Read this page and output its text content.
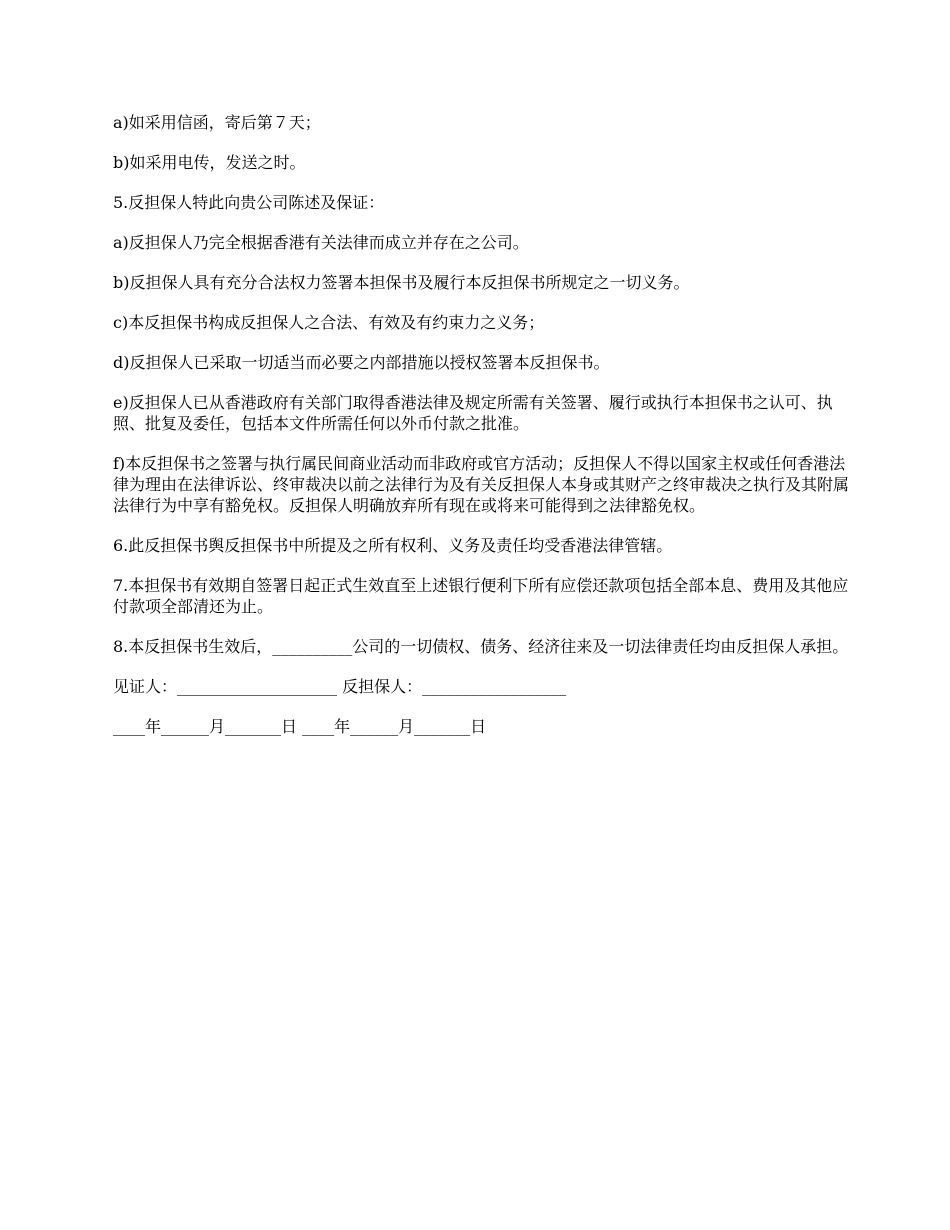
a)如采用信函，寄后第７天；

b)如采用电传，发送之时。

5.反担保人特此向贵公司陈述及保证：

a)反担保人乃完全根据香港有关法律而成立并存在之公司。

b)反担保人具有充分合法权力签署本担保书及履行本反担保书所规定之一切义务。

c)本反担保书构成反担保人之合法、有效及有约束力之义务；

d)反担保人已采取一切适当而必要之内部措施以授权签署本反担保书。

e)反担保人已从香港政府有关部门取得香港法律及规定所需有关签署、履行或执行本担保书之认可、执照、批复及委任，包括本文件所需任何以外币付款之批准。

f)本反担保书之签署与执行属民间商业活动而非政府或官方活动；反担保人不得以国家主权或任何香港法律为理由在法律诉讼、终审裁决以前之法律行为及有关反担保人本身或其财产之终审裁决之执行及其附属法律行为中享有豁免权。反担保人明确放弃所有现在或将来可能得到之法律豁免权。

6.此反担保书舆反担保书中所提及之所有权利、义务及责任均受香港法律管辖。

7.本担保书有效期自签署日起正式生效直至上述银行便利下所有应偿还款项包括全部本息、费用及其他应付款项全部清还为止。

8.本反担保书生效后，__________公司的一切债权、债务、经济往来及一切法律责任均由反担保人承担。

见证人：____________________ 反担保人：__________________

____年______月_______日 ____年______月_______日
